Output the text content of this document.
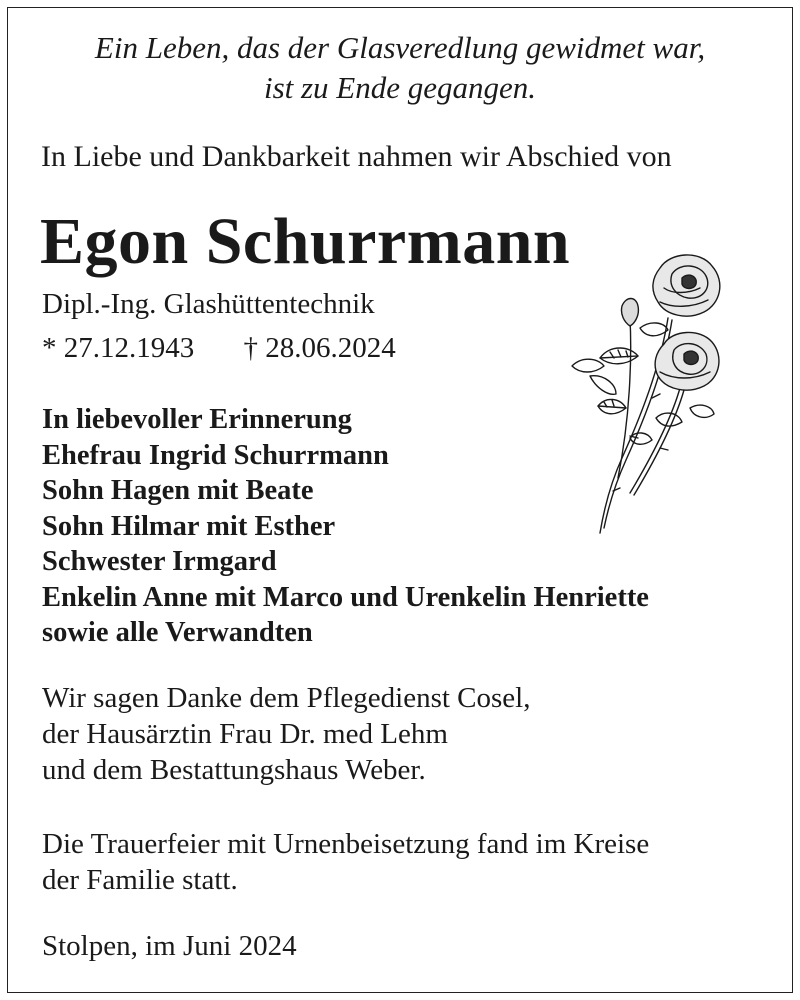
Ein Leben, das der Glasveredlung gewidmet war,
ist zu Ende gegangen.
In Liebe und Dankbarkeit nahmen wir Abschied von
Egon Schurrmann
Dipl.-Ing. Glashüttentechnik
* 27.12.1943 † 28.06.2024
In liebevoller Erinnerung
Ehefrau Ingrid Schurrmann
Sohn Hagen mit Beate
Sohn Hilmar mit Esther
Schwester Irmgard
Enkelin Anne mit Marco und Urenkelin Henriette
sowie alle Verwandten
Wir sagen Danke dem Pflegedienst Cosel,
der Hausärztin Frau Dr. med Lehm
und dem Bestattungshaus Weber.
Die Trauerfeier mit Urnenbeisetzung fand im Kreise
der Familie statt.
Stolpen, im Juni 2024
